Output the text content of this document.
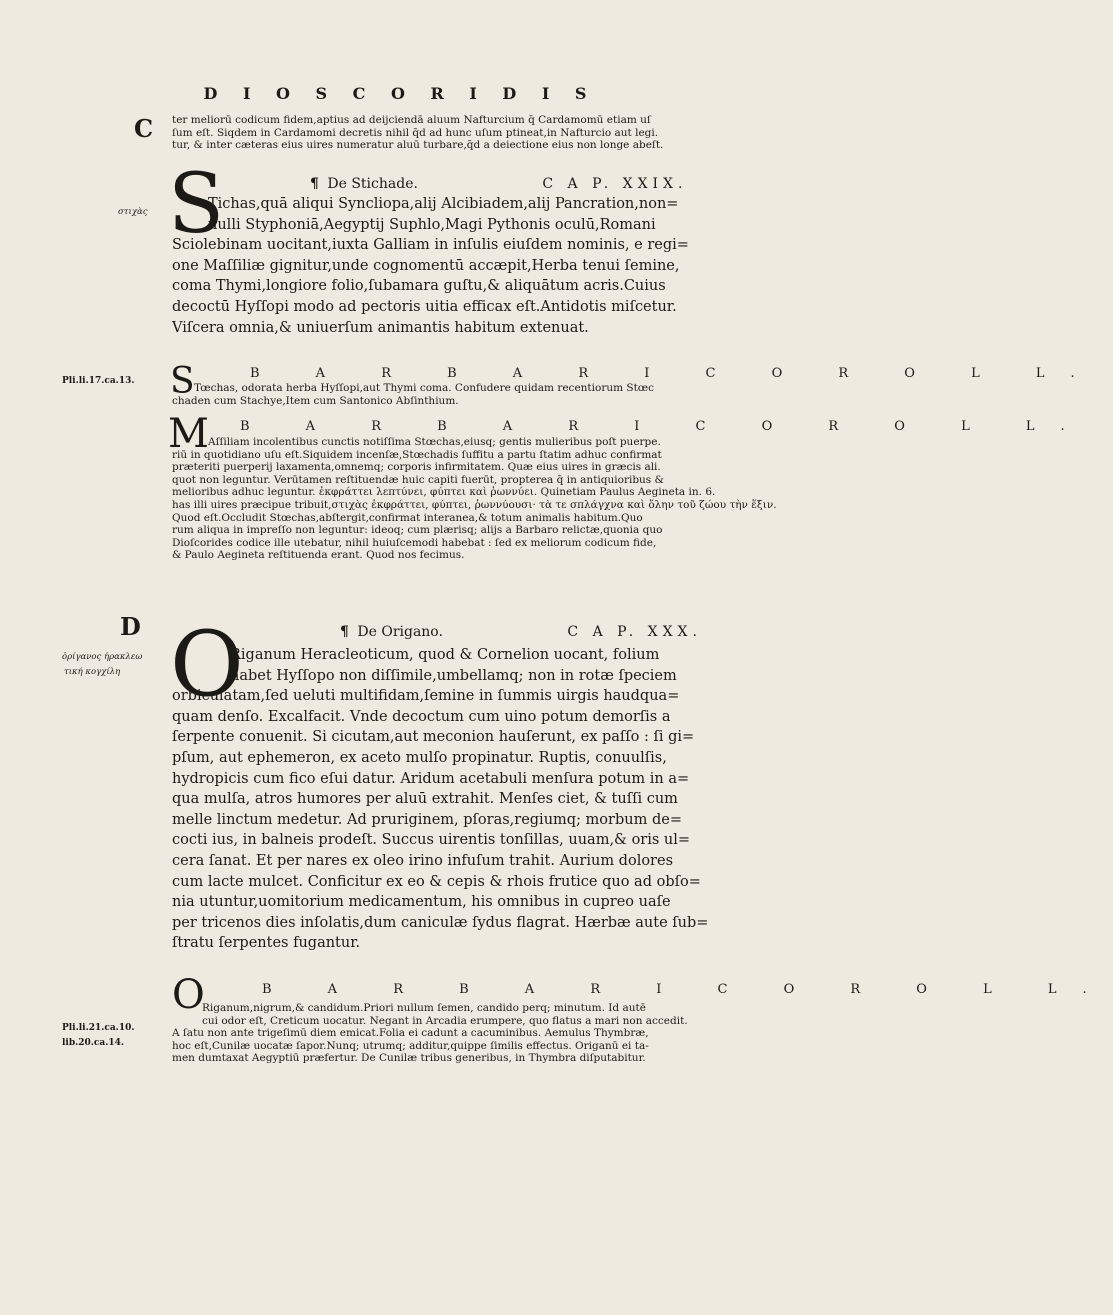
D I O S C O R I D I S
C
στιχὰς
Pli.li.17.ca.13.
D
ὀρίγανος ἡρακλεω
τική κογχίλη
Pli.li.21.ca.10.
lib.20.ca.14.
ter meliorū codicum fidem,aptius ad deijciendā aluum Nafturcium q̄ Cardamomū etiam uſ
ſum eſt. Siqdem in Cardamomi decretis nihil q̄d ad hunc uſum ptineat,in Nafturcio aut legi.
tur, & inter cæteras eius uires numeratur aluū turbare,q̄d a deiectione eius non longe abeſt.
S	¶ De Stichade.	C A P. XXIX.
Tichas,quā aliqui Syncliopa,alij Alcibiadem,alij Pancration,non=
nulli Styphoniā,Aegyptij Suphlo,Magi Pythonis oculū,Romani
Sciolebinam uocitant,iuxta Galliam in inſulis eiuſdem nominis, e regi=
one Maſſiliæ gignitur,unde cognomentū accæpit,Herba tenui ſemine,
coma Thymi,longiore folio,ſubamara guſtu,& aliquātum acris.Cuius
decoctū Hyſſopi modo ad pectoris uitia efficax eſt.Antidotis miſcetur.
Viſcera omnia,& uniuerſum animantis habitum extenuat.
B A R B A R I C O R O L L.
S Tœchas, odorata herba Hyſſopi,aut Thymi coma. Confudere quidam recentiorum Stœc
chaden cum Stachye,Item cum Santonico Abſinthium.
M B A R B A R I C O R O L L.
Aſſiliam incolentibus cunctis notiſſima Stœchas,eiusq; gentis mulieribus poſt puerpe.
riū in quotidiano uſu eſt.Siquidem incenſæ,Stœchadis ſuffitu a partu ſtatim adhuc confirmat
præteriti puerperij laxamenta,omnemq; corporis infirmitatem. Quæ eius uires in græcis ali.
quot non leguntur. Verūtamen reſtituendæ huic capiti fuerūt, propterea q̄ in antiquioribus &
melioribus adhuc leguntur. ἐκφράττει λεπτύνει, φύπτει καὶ ῥωννύει. Quinetiam Paulus Aegineta in. 6.
has illi uires præcipue tribuit,στιχὰς ἐκφράττει, φύπτει, ῥωννύουσι· τὰ τε σπλάγχνα καὶ ὅλην τοῦ ζώου τὴν ἕξιν.
Quod eſt.Occludit Stœchas,abſtergit,confirmat interanea,& totum animalis habitum.Quo
rum aliqua in impreſſo non leguntur: ideoq; cum plærisq; alijs a Barbaro relictæ,quonia quo
Dioſcorides codice ille utebatur, nihil huiuſcemodi habebat : ſed ex meliorum codicum fide,
& Paulo Aegineta reſtituenda erant. Quod nos fecimus.
O	¶ De Origano.	C A P. XXX.
Riganum Heracleoticum, quod & Cornelion uocant, folium
habet Hyſſopo non diſſimile,umbellamq; non in rotæ ſpeciem
orbiculatam,ſed ueluti multifidam,ſemine in ſummis uirgis haudqua=
quam denſo. Excalfacit. Vnde decoctum cum uino potum demorſis a
ſerpente conuenit. Si cicutam,aut meconion hauſerunt, ex paſſo : ſi gi=
pſum, aut ephemeron, ex aceto mulſo propinatur. Ruptis, conuulſis,
hydropicis cum fico eſui datur. Aridum acetabuli menſura potum in a=
qua mulſa, atros humores per aluū extrahit. Menſes ciet, & tuſſi cum
melle linctum medetur. Ad pruriginem, pſoras,regiumq; morbum de=
cocti ius, in balneis prodeſt. Succus uirentis tonſillas, uuam,& oris ul=
cera ſanat. Et per nares ex oleo irino infuſum trahit. Aurium dolores
cum lacte mulcet. Conficitur ex eo & cepis & rhois frutice quo ad obſo=
nia utuntur,uomitorium medicamentum, his omnibus in cupreo uaſe
per tricenos dies inſolatis,dum caniculæ ſydus flagrat. Hærbæ aute ſub=
ſtratu ſerpentes fugantur.
O	B A R B A R I C O R O L L.
Riganum,nigrum,& candidum.Priori nullum ſemen, candido perq; minutum. Id autē
cui odor eſt, Creticum uocatur. Negant in Arcadia erumpere, quo flatus a mari non accedit.
A ſatu non ante trigeſimū diem emicat.Folia ei cadunt a cacuminibus. Aemulus Thymbræ,
hoc eſt,Cunilæ uocatæ ſapor.Nunq; utrumq; additur,quippe ſimilis effectus. Origanū ei ta-
men dumtaxat Aegyptiū præfertur. De Cunilæ tribus generibus, in Thymbra diſputabitur.
